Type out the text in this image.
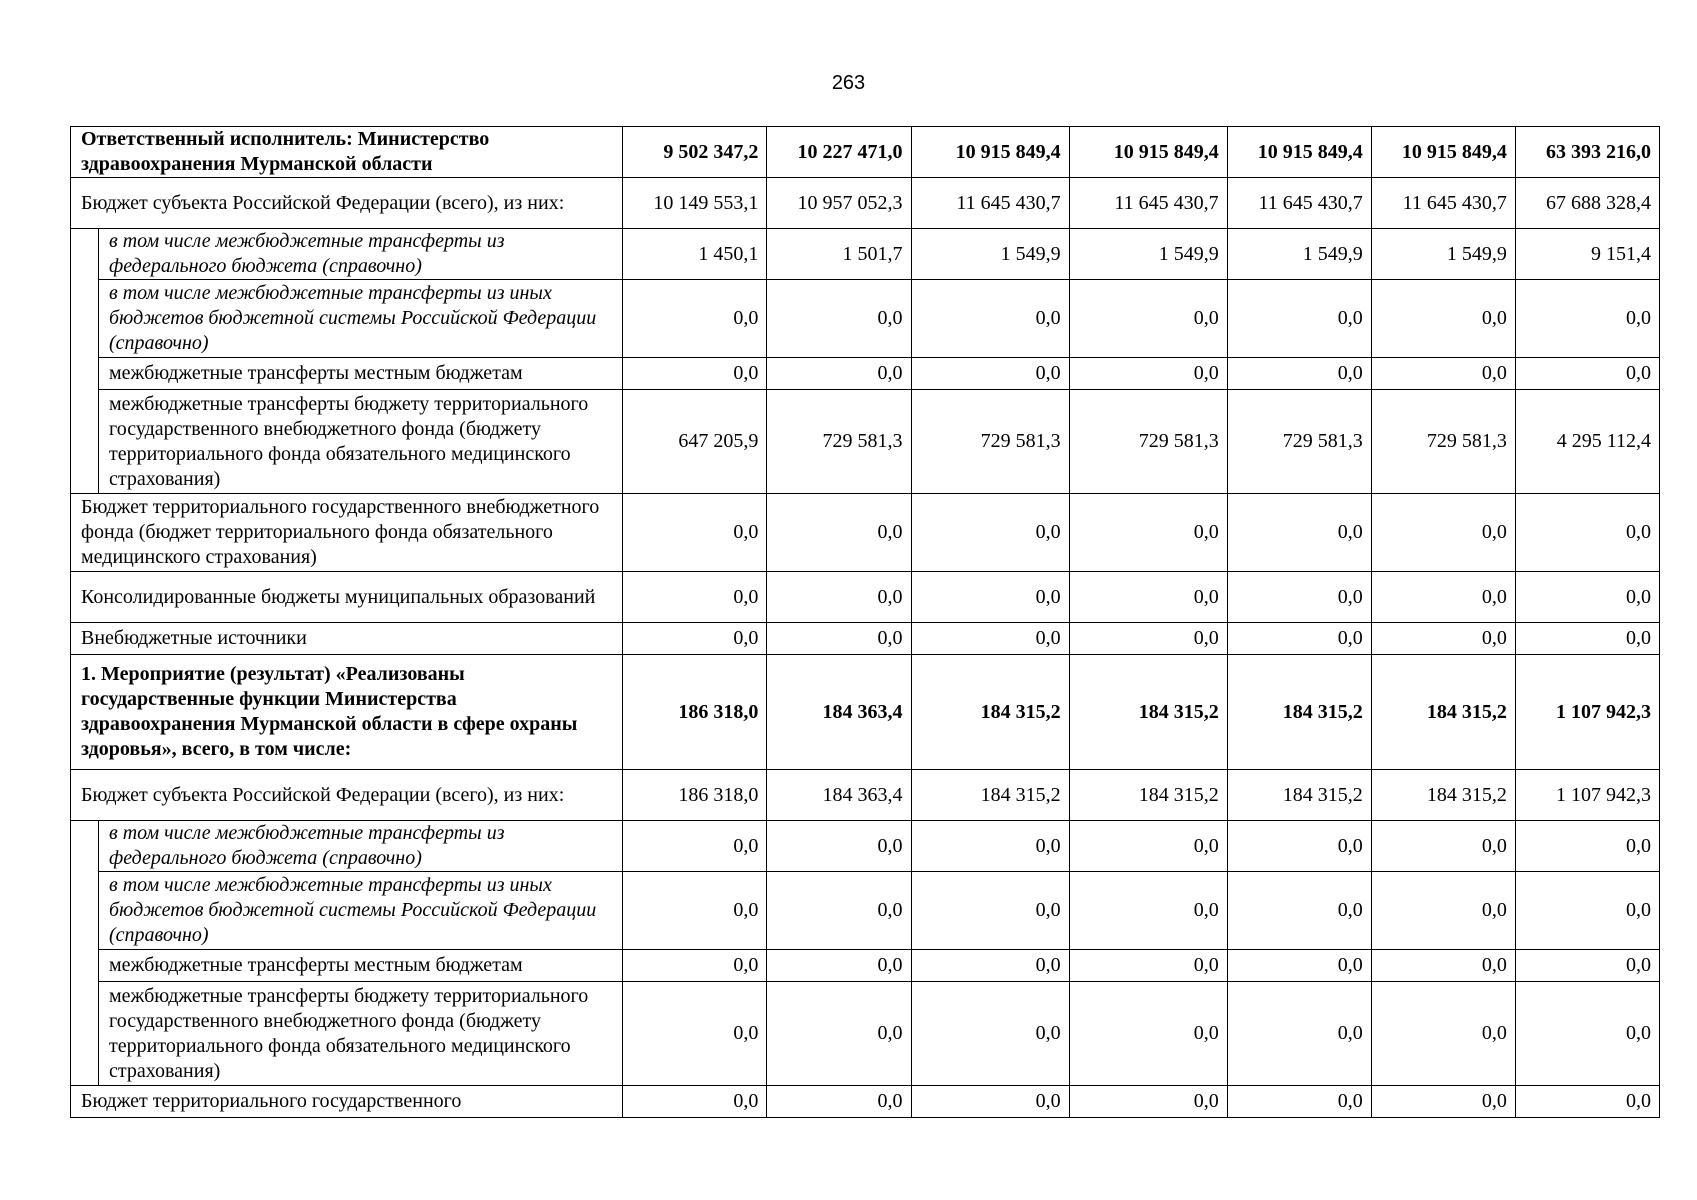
263
Ответственный исполнитель: Министерство здравоохранения Мурманской области		9 502 347,2	10 227 471,0	10 915 849,4	10 915 849,4	10 915 849,4	10 915 849,4	63 393 216,0
Бюджет субъекта Российской Федерации (всего), из них:		10 149 553,1	10 957 052,3	11 645 430,7	11 645 430,7	11 645 430,7	11 645 430,7	67 688 328,4
	в том числе межбюджетные трансферты из федерального бюджета (справочно)	1 450,1	1 501,7	1 549,9	1 549,9	1 549,9	1 549,9	9 151,4
	в том числе межбюджетные трансферты из иных бюджетов бюджетной системы Российской Федерации (справочно)	0,0	0,0	0,0	0,0	0,0	0,0	0,0
	межбюджетные трансферты местным бюджетам	0,0	0,0	0,0	0,0	0,0	0,0	0,0
	межбюджетные трансферты бюджету территориального государственного внебюджетного фонда (бюджету территориального фонда обязательного медицинского страхования)	647 205,9	729 581,3	729 581,3	729 581,3	729 581,3	729 581,3	4 295 112,4
Бюджет территориального государственного внебюджетного фонда (бюджет территориального фонда обязательного медицинского страхования)		0,0	0,0	0,0	0,0	0,0	0,0	0,0
Консолидированные бюджеты муниципальных образований		0,0	0,0	0,0	0,0	0,0	0,0	0,0
Внебюджетные источники		0,0	0,0	0,0	0,0	0,0	0,0	0,0
1. Мероприятие (результат) «Реализованы государственные функции Министерства здравоохранения Мурманской области в сфере охраны здоровья», всего, в том числе:		186 318,0	184 363,4	184 315,2	184 315,2	184 315,2	184 315,2	1 107 942,3
Бюджет субъекта Российской Федерации (всего), из них:		186 318,0	184 363,4	184 315,2	184 315,2	184 315,2	184 315,2	1 107 942,3
	в том числе межбюджетные трансферты из федерального бюджета (справочно)	0,0	0,0	0,0	0,0	0,0	0,0	0,0
	в том числе межбюджетные трансферты из иных бюджетов бюджетной системы Российской Федерации (справочно)	0,0	0,0	0,0	0,0	0,0	0,0	0,0
	межбюджетные трансферты местным бюджетам	0,0	0,0	0,0	0,0	0,0	0,0	0,0
	межбюджетные трансферты бюджету территориального государственного внебюджетного фонда (бюджету территориального фонда обязательного медицинского страхования)	0,0	0,0	0,0	0,0	0,0	0,0	0,0
Бюджет территориального государственного		0,0	0,0	0,0	0,0	0,0	0,0	0,0
